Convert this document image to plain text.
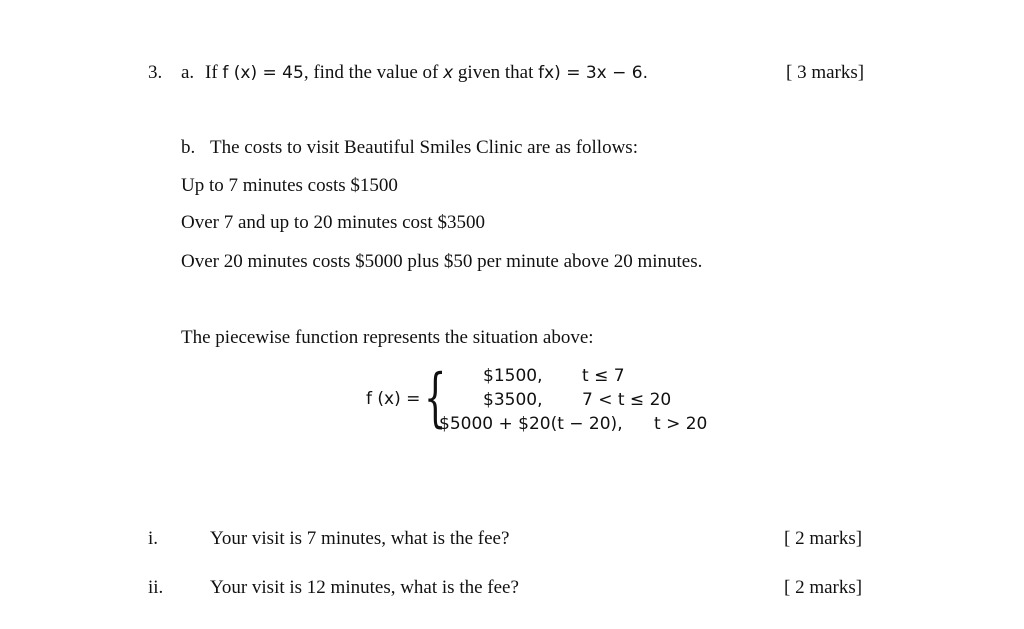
3. a. If f (x) = 45, find the value of x given that fx) = 3x − 6.	[ 3 marks]
b. The costs to visit Beautiful Smiles Clinic are as follows:
Up to 7 minutes costs $1500
Over 7 and up to 20 minutes cost $3500
Over 20 minutes costs $5000 plus $50 per minute above 20 minutes.
The piecewise function represents the situation above:
f (x) = { $1500, t ≤ 7
$3500, 7 < t ≤ 20
$5000 + $20(t − 20), t > 20
i.	Your visit is 7 minutes, what is the fee?	[ 2 marks]
ii. Your visit is 12 minutes, what is the fee?	[ 2 marks]
